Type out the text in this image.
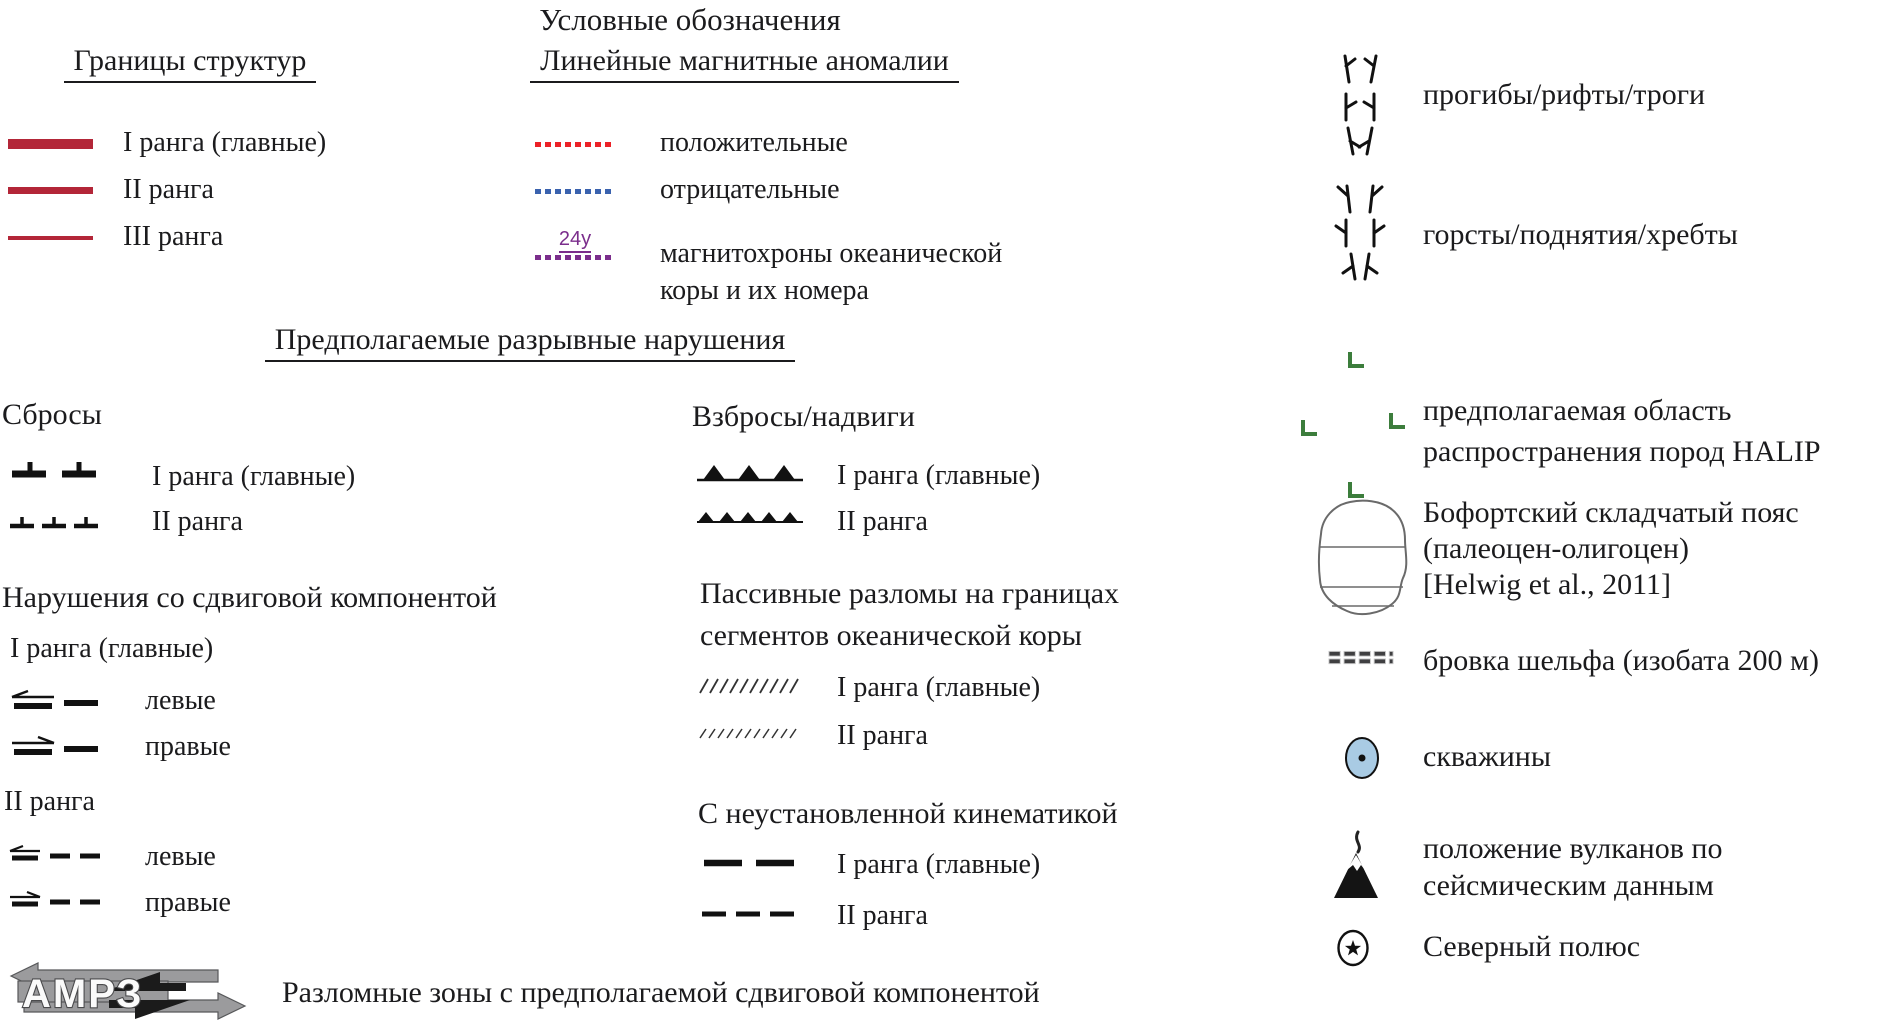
Условные обозначения
Границы структур
I ранга (главные)
II ранга
III ранга
Линейные магнитные аномалии
положительные
отрицательные
24y	магнитохроны океанической
коры и их номера
Предполагаемые разрывные нарушения
Сбросы
I ранга (главные)
II ранга
Взбросы/надвиги
I ранга (главные)
II ранга
Нарушения со сдвиговой компонентой
I ранга (главные)
левые
правые
II ранга
левые
правые
Пассивные разломы на границах
сегментов океанической коры
I ранга (главные)
II ранга
С неустановленной кинематикой
I ранга (главные)
II ранга
АМРЗ	Разломные зоны с предполагаемой сдвиговой компонентой
прогибы/рифты/троги
горсты/поднятия/хребты
предполагаемая область
распространения пород HALIP
Бофортский складчатый пояс
(палеоцен-олигоцен)
[Helwig et al., 2011]
бровка шельфа (изобата 200 м)
скважины
положение вулканов по
сейсмическим данным
Северный полюс
